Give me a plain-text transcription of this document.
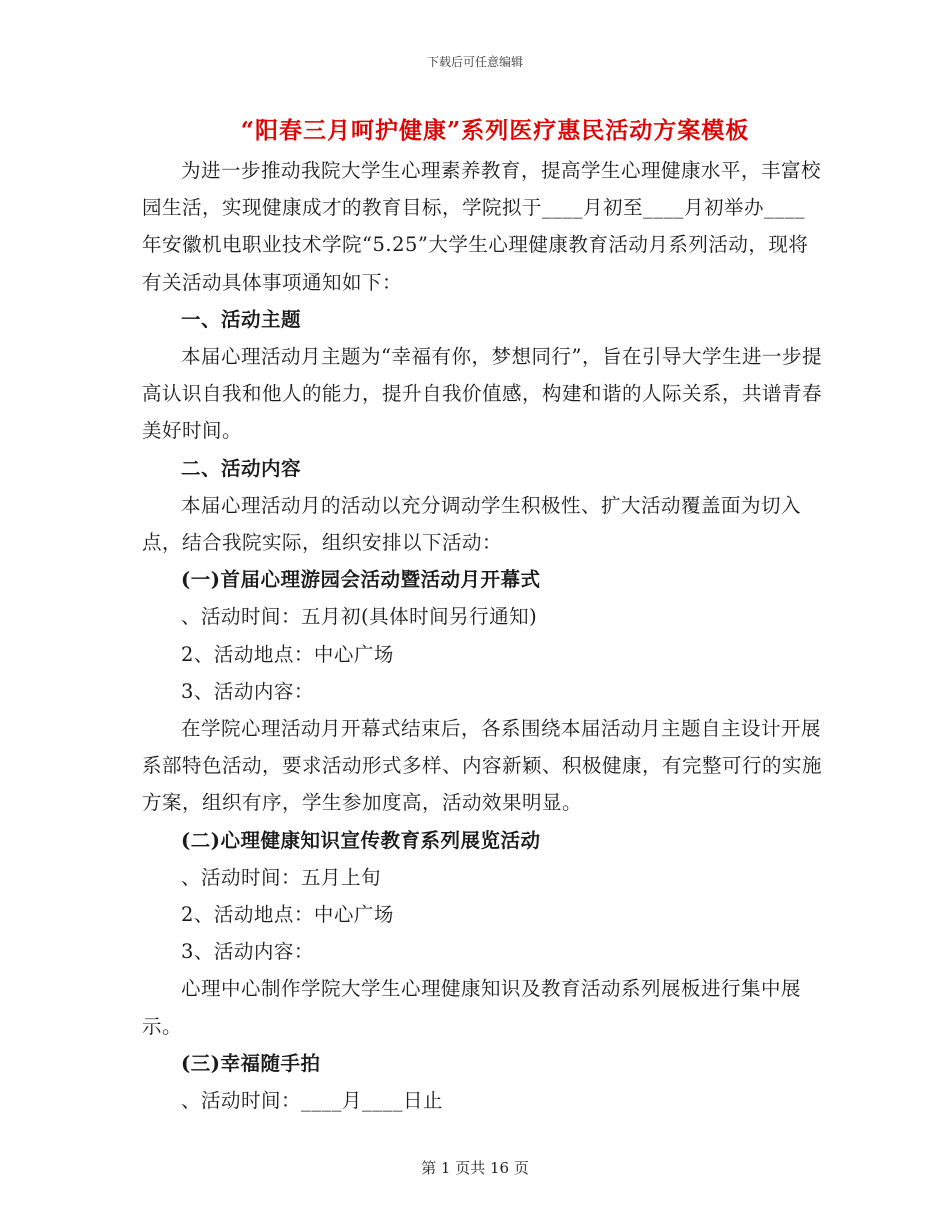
下载后可任意编辑
“阳春三月呵护健康”系列医疗惠民活动方案模板

为进一步推动我院大学生心理素养教育，提高学生心理健康水平，丰富校园生活，实现健康成才的教育目标，学院拟于____月初至____月初举办____年安徽机电职业技术学院“5.25”大学生心理健康教育活动月系列活动，现将有关活动具体事项通知如下：

一、活动主题

本届心理活动月主题为“幸福有你，梦想同行”，旨在引导大学生进一步提高认识自我和他人的能力，提升自我价值感，构建和谐的人际关系，共谱青春美好时间。

二、活动内容

本届心理活动月的活动以充分调动学生积极性、扩大活动覆盖面为切入点，结合我院实际，组织安排以下活动：

(一)首届心理游园会活动暨活动月开幕式

、活动时间：五月初(具体时间另行通知)

2、活动地点：中心广场

3、活动内容：

在学院心理活动月开幕式结束后，各系围绕本届活动月主题自主设计开展系部特色活动，要求活动形式多样、内容新颖、积极健康，有完整可行的实施方案，组织有序，学生参加度高，活动效果明显。

(二)心理健康知识宣传教育系列展览活动

、活动时间：五月上旬

2、活动地点：中心广场

3、活动内容：

心理中心制作学院大学生心理健康知识及教育活动系列展板进行集中展示。

(三)幸福随手拍

、活动时间：____月____日止

第 1 页共 16 页
